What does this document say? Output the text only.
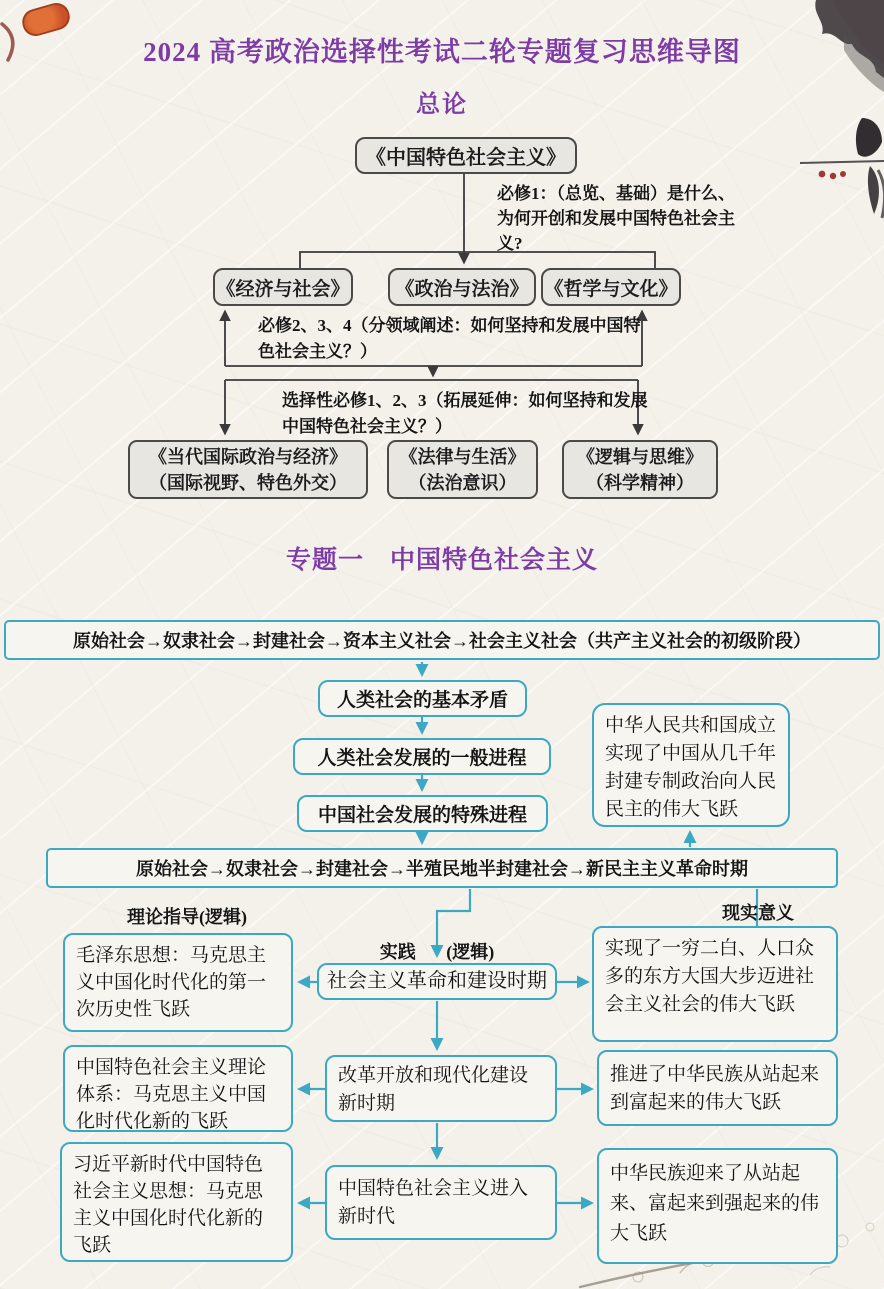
2024 高考政治选择性考试二轮专题复习思维导图
总论
《中国特色社会主义》
必修1：（总览、基础）是什么、为何开创和发展中国特色社会主义?
《经济与社会》	《政治与法治》 《哲学与文化》
必修2、3、4（分领域阐述：如何坚持和发展中国特色社会主义？）
选择性必修1、2、3（拓展延伸：如何坚持和发展中国特色社会主义？）
《当代国际政治与经济》
（国际视野、特色外交）
《法律与生活》
（法治意识）
《逻辑与思维》
（科学精神）
专题一　中国特色社会主义
原始社会→奴隶社会→封建社会→资本主义社会→社会主义社会（共产主义社会的初级阶段）
人类社会的基本矛盾
人类社会发展的一般进程
中国社会发展的特殊进程
中华人民共和国成立实现了中国从几千年封建专制政治向人民民主的伟大飞跃
原始社会→奴隶社会→封建社会→半殖民地半封建社会→新民主主义革命时期
理论指导(逻辑)
实践 (逻辑)
现实意义
毛泽东思想：马克思主义中国化时代化的第一次历史性飞跃
社会主义革命和建设时期
实现了一穷二白、人口众多的东方大国大步迈进社会主义社会的伟大飞跃
中国特色社会主义理论体系：马克思主义中国化时代化新的飞跃
改革开放和现代化建设新时期
推进了中华民族从站起来到富起来的伟大飞跃
习近平新时代中国特色社会主义思想：马克思主义中国化时代化新的飞跃
中国特色社会主义进入新时代
中华民族迎来了从站起来、富起来到强起来的伟大飞跃
